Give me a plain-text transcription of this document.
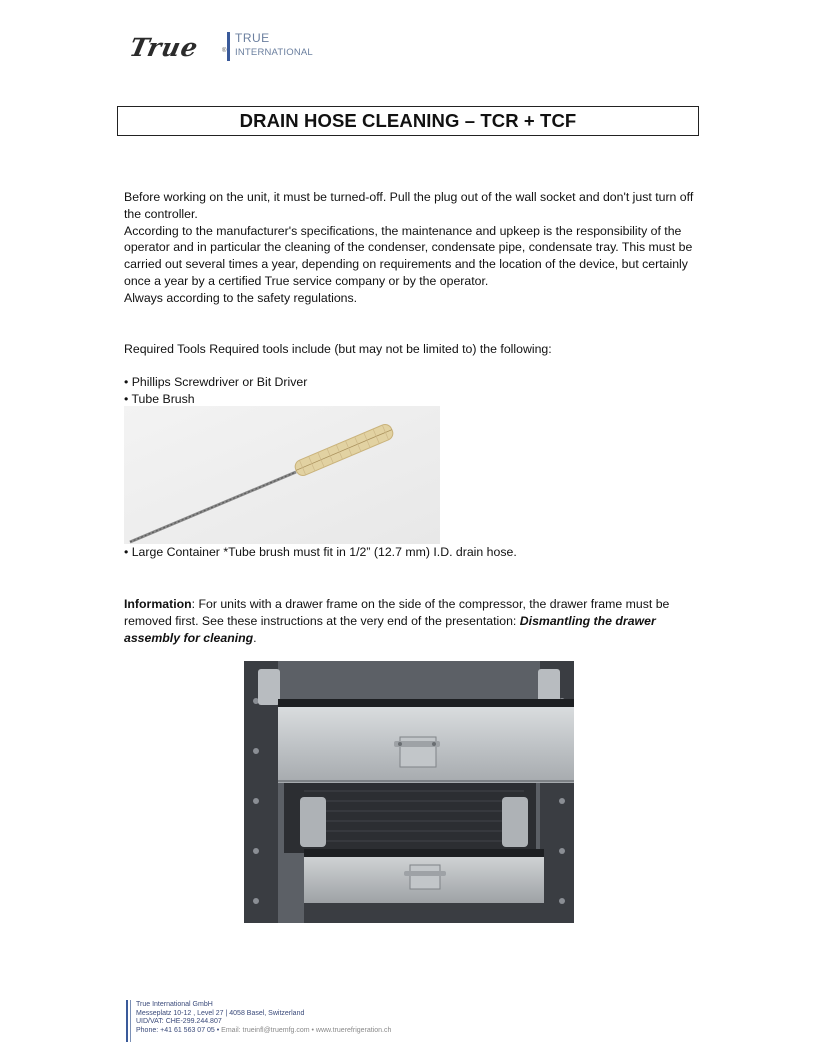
True	®
TRUE
INTERNATIONAL
DRAIN HOSE CLEANING – TCR + TCF

Before working on the unit, it must be turned-off. Pull the plug out of the wall socket and don't just turn off the controller.

According to the manufacturer's specifications, the maintenance and upkeep is the responsibility of the operator and in particular the cleaning of the condenser, condensate pipe, condensate tray. This must be carried out several times a year, depending on requirements and the location of the device, but certainly once a year by a certified True service company or by the operator.

Always according to the safety regulations.

Required Tools Required tools include (but may not be limited to) the following:
• Phillips Screwdriver or Bit Driver
• Tube Brush
• Large Container *Tube brush must fit in 1/2” (12.7 mm) I.D. drain hose.
Information: For units with a drawer frame on the side of the compressor, the drawer frame must be removed first. See these instructions at the very end of the presentation: Dismantling the drawer assembly for cleaning.
True International GmbH
Messeplatz 10-12 , Level 27 | 4058 Basel, Switzerland
UID/VAT: CHE-299.244.807
Phone: +41 61 563 07 05 • Email: trueinfl@truemfg.com • www.truerefrigeration.ch
